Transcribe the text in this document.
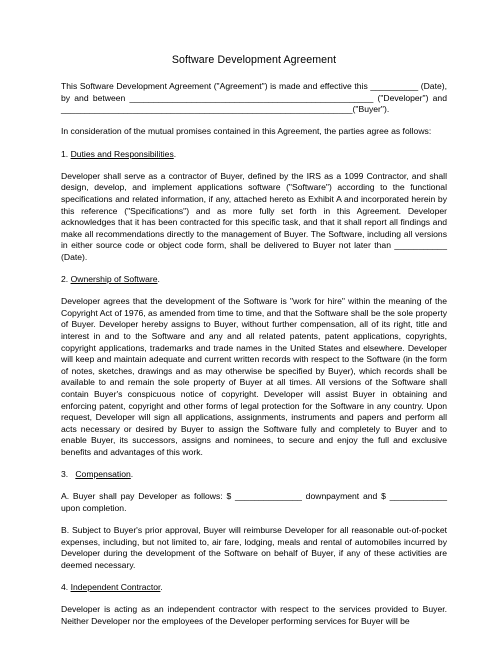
Software Development Agreement
This Software Development Agreement ("Agreement") is made and effective this __________ (Date), by and between ___________________________________________________ ("Developer") and _____________________________________________________________("Buyer").
In consideration of the mutual promises contained in this Agreement, the parties agree as follows:
1. Duties and Responsibilities.
Developer shall serve as a contractor of Buyer, defined by the IRS as a 1099 Contractor, and shall design, develop, and implement applications software ("Software") according to the functional specifications and related information, if any, attached hereto as Exhibit A and incorporated herein by this reference ("Specifications") and as more fully set forth in this Agreement. Developer acknowledges that it has been contracted for this specific task, and that it shall report all findings and make all recommendations directly to the management of Buyer. The Software, including all versions in either source code or object code form, shall be delivered to Buyer not later than ___________ (Date).
2. Ownership of Software.
Developer agrees that the development of the Software is "work for hire" within the meaning of the Copyright Act of 1976, as amended from time to time, and that the Software shall be the sole property of Buyer. Developer hereby assigns to Buyer, without further compensation, all of its right, title and interest in and to the Software and any and all related patents, patent applications, copyrights, copyright applications, trademarks and trade names in the United States and elsewhere. Developer will keep and maintain adequate and current written records with respect to the Software (in the form of notes, sketches, drawings and as may otherwise be specified by Buyer), which records shall be available to and remain the sole property of Buyer at all times. All versions of the Software shall contain Buyer's conspicuous notice of copyright. Developer will assist Buyer in obtaining and enforcing patent, copyright and other forms of legal protection for the Software in any country. Upon request, Developer will sign all applications, assignments, instruments and papers and perform all acts necessary or desired by Buyer to assign the Software fully and completely to Buyer and to enable Buyer, its successors, assigns and nominees, to secure and enjoy the full and exclusive benefits and advantages of this work.
3. Compensation.
A. Buyer shall pay Developer as follows: $ ______________ downpayment and $ ____________ upon completion.
B. Subject to Buyer's prior approval, Buyer will reimburse Developer for all reasonable out-of-pocket expenses, including, but not limited to, air fare, lodging, meals and rental of automobiles incurred by Developer during the development of the Software on behalf of Buyer, if any of these activities are deemed necessary.
4. Independent Contractor.
Developer is acting as an independent contractor with respect to the services provided to Buyer. Neither Developer nor the employees of the Developer performing services for Buyer will be
